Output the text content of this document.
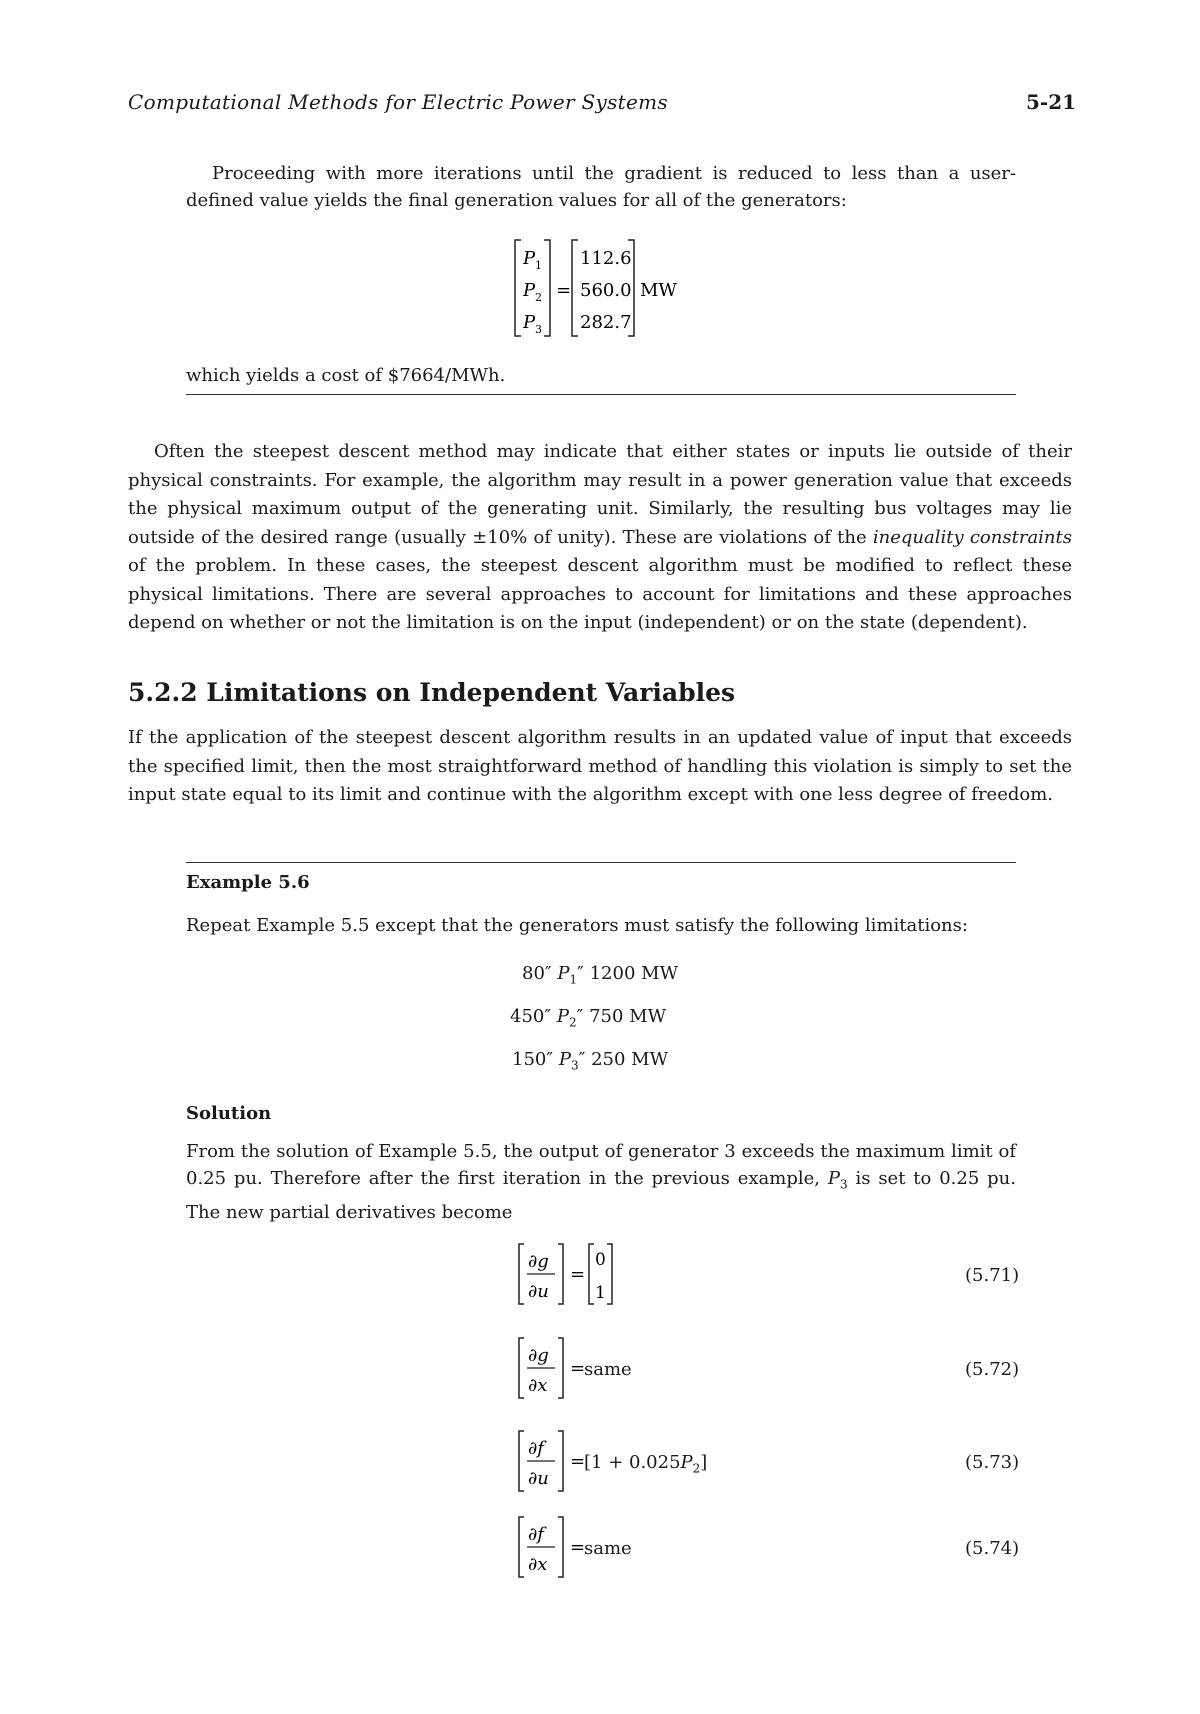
Computational Methods for Electric Power Systems	5-21
Proceeding with more iterations until the gradient is reduced to less than a user-defined value yields the final generation values for all of the generators:
P 1
P 2
P 3
=
112.6
560.0
282.7
MW
which yields a cost of $7664/MWh.
Often the steepest descent method may indicate that either states or inputs lie outside of their physical constraints. For example, the algorithm may result in a power generation value that exceeds the physical maximum output of the generating unit. Similarly, the resulting bus voltages may lie outside of the desired range (usually ±10% of unity). These are violations of the inequality constraints of the problem. In these cases, the steepest descent algorithm must be modified to reflect these physical limitations. There are several approaches to account for limitations and these approaches depend on whether or not the limitation is on the input (independent) or on the state (dependent).
5.2.2 Limitations on Independent Variables
If the application of the steepest descent algorithm results in an updated value of input that exceeds the specified limit, then the most straightforward method of handling this violation is simply to set the input state equal to its limit and continue with the algorithm except with one less degree of freedom.
Example 5.6
Repeat Example 5.5 except that the generators must satisfy the following limitations:
80″ $P_1''$ 1200 MW
450″ $P_2''$ 750 MW
150″ $P_3''$ 250 MW
Solution
From the solution of Example 5.5, the output of generator 3 exceeds the maximum limit of 0.25 pu. Therefore after the first iteration in the previous example, $P_3$ is set to 0.25 pu. The new partial derivatives become
∂g
∂u
=
0
1
(5.71)
∂g
∂x
=
same	(5.72)
∂f
∂u
=
$[1 + 0.025P_2]$	(5.73)
∂f
∂x
=
same	(5.74)
